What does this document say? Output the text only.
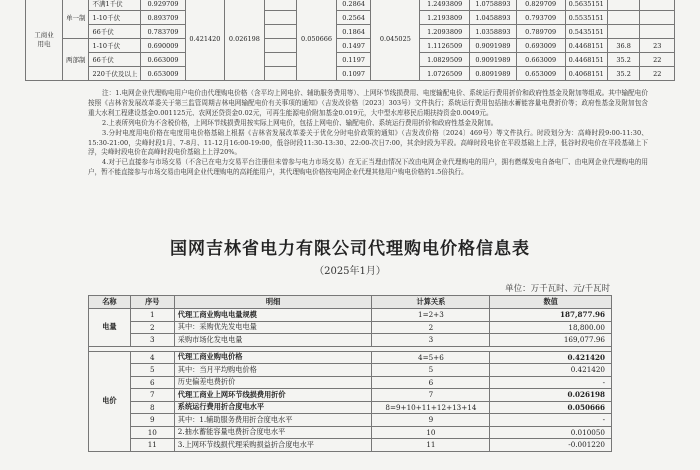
工商业
用电	单一制	不满1千伏	0.929709	0.421420	0.026198		0.050666	0.2864	0.045025	1.2493809	1.0758893	0.829709	0.5635151		
		1-10千伏	0.893709					0.2564		1.2193809	1.0458893	0.793709	0.5535151		
		66千伏	0.783709					0.1864		1.2093809	1.0358893	0.789709	0.5435151		
	两部制	1-10千伏	0.690009					0.1497		1.1126509	0.9091989	0.693009	0.4468151	36.8	23
		66千伏	0.663009					0.1197		1.0829509	0.9091989	0.663009	0.4468151	35.2	22
		220千伏及以上	0.653009					0.1097		1.0726509	0.8091989	0.653009	0.4068151	35.2	22

注：1.电网企业代理购电用户电价由代理购电价格（含平均上网电价、辅助服务费用等）、上网环节线损费用、电度输配电价、系统运行费用折价和政府性基金及附加等组成。其中输配电价按照《吉林省发展改革委关于第三监管周期吉林电网输配电价有关事项的通知》（吉发改价格〔2023〕303号）文件执行；系统运行费用包括抽水蓄能容量电费折价等；政府性基金及附加包含重大水利工程建设基金0.001125元、农网还贷资金0.02元，可再生能源电价附加基金0.019元，大中型水库移民后期扶持资金0.0049元。

2.上表所列电价为不含税价格，上网环节线损费用按实际上网电价，包括上网电价、输配电价、系统运行费用折价和政府性基金及附加。

3.分时电度用电价格在电度用电价格基础上根据《吉林省发展改革委关于优化分时电价政策的通知》（吉发改价格〔2024〕469号）等文件执行。时段划分为：高峰时段9:00-11:30、15:30-21:00，尖峰时段1月、7-8月、11-12月16:00-19:00，低谷时段11:30-13:30、22:00-次日7:00，其余时段为平段。高峰时段电价在平段基础上上浮，低谷时段电价在平段基础上下浮，尖峰时段电价在高峰时段电价基础上上浮20%。

4.对于已直接参与市场交易（不含已在电力交易平台注册但未曾参与电力市场交易）在无正当理由情况下改由电网企业代理购电的用户，拥有燃煤发电自备电厂、由电网企业代理购电的用户，暂不能直接参与市场交易由电网企业代理购电的高耗能用户，其代理购电价格按电网企业代理其他用户购电价格的1.5倍执行。

国网吉林省电力有限公司代理购电价格信息表
（2025年1月）
单位：万千瓦时、元/千瓦时
名称	序号	明细	计算关系	数值
电量	1	代理工商业购电电量规模	1=2+3	187,877.96
	2	其中：采购优先发电电量	2	18,800.00
	3	采购市场化发电电量	3	169,077.96

电价	4	代理工商业购电价格	4=5+6	0.421420
	5	其中：当月平均购电价格	5	0.421420
	6	历史偏差电费折价	6	-
	7	代理工商业上网环节线损费用折价	7	0.026198
	8	系统运行费用折合度电水平	8=9+10+11+12+13+14	0.050666
	9	其中：1.辅助服务费用折合度电水平	9	-
	10	2.抽水蓄能容量电费折合度电水平	10	0.010050
	11	3.上网环节线损代理采购损益折合度电水平	11	-0.001220
